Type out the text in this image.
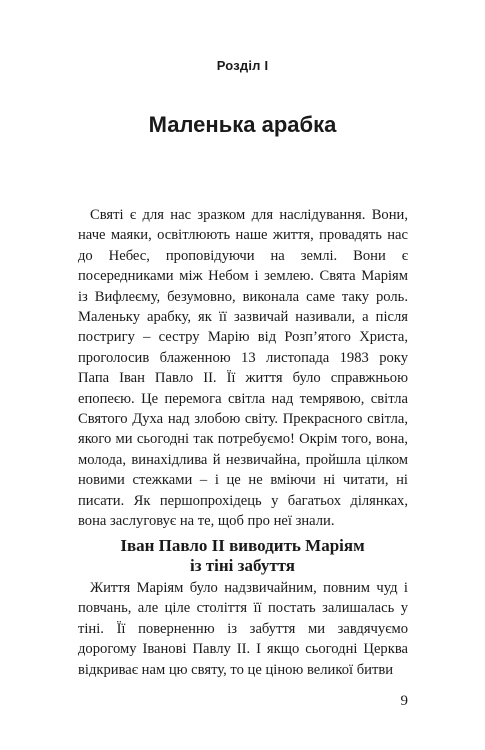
Розділ I
Маленька арабка

Святі є для нас зразком для наслідування. Вони, наче маяки, освітлюють наше життя, провадять нас до Небес, проповідуючи на землі. Вони є посередниками між Небом і землею. Свята Маріям із Вифлеєму, безумовно, виконала саме таку роль. Маленьку арабку, як її зазвичай називали, а після постригу – сестру Марію від Розп’ятого Христа, проголосив блаженною 13 листопада 1983 року Папа Іван Павло II. Її життя було справжньою епопеєю. Це перемога світла над темрявою, світла Святого Духа над злобою світу. Прекрасного світла, якого ми сьогодні так потребуємо! Окрім того, вона, молода, винахідлива й незвичайна, пройшла цілком новими стежками – і це не вміючи ні читати, ні писати. Як першопрохідець у багатьох ділянках, вона заслуговує на те, щоб про неї знали.

Іван Павло II виводить Маріям
із тіні забуття

Життя Маріям було надзвичайним, повним чуд і повчань, але ціле століття її постать залишалась у тіні. Її поверненню із забуття ми завдячуємо дорогому Іванові Павлу II. І якщо сьогодні Церква відкриває нам цю святу, то це ціною великої битви

9
